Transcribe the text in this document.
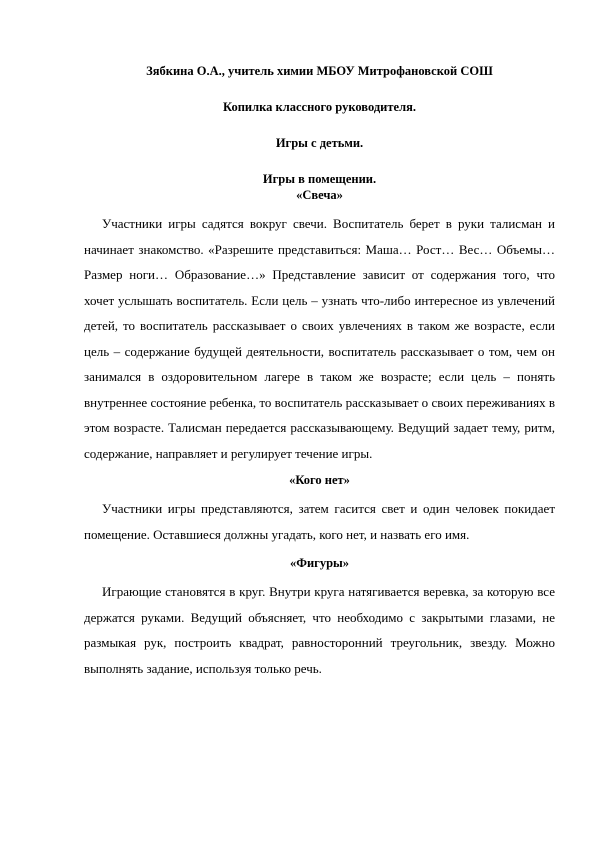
Зябкина О.А., учитель химии МБОУ Митрофановской СОШ

Копилка классного руководителя.

Игры с детьми.

Игры в помещении.

«Свеча»

Участники игры садятся вокруг свечи. Воспитатель берет в руки талисман и начинает знакомство. «Разрешите представиться: Маша… Рост… Вес… Объемы… Размер ноги… Образование…» Представление зависит от содержания того, что хочет услышать воспитатель. Если цель – узнать что-либо интересное из увлечений детей, то воспитатель рассказывает о своих увлечениях в таком же возрасте, если цель – содержание будущей деятельности, воспитатель рассказывает о том, чем он занимался в оздоровительном лагере в таком же возрасте; если цель – понять внутреннее состояние ребенка, то воспитатель рассказывает о своих переживаниях в этом возрасте. Талисман передается рассказывающему. Ведущий задает тему, ритм, содержание, направляет и регулирует течение игры.

«Кого нет»

Участники игры представляются, затем гасится свет и один человек покидает помещение. Оставшиеся должны угадать, кого нет, и назвать его имя.

«Фигуры»

Играющие становятся в круг. Внутри круга натягивается веревка, за которую все держатся руками. Ведущий объясняет, что необходимо с закрытыми глазами, не размыкая рук, построить квадрат, равносторонний треугольник, звезду. Можно выполнять задание, используя только речь.
